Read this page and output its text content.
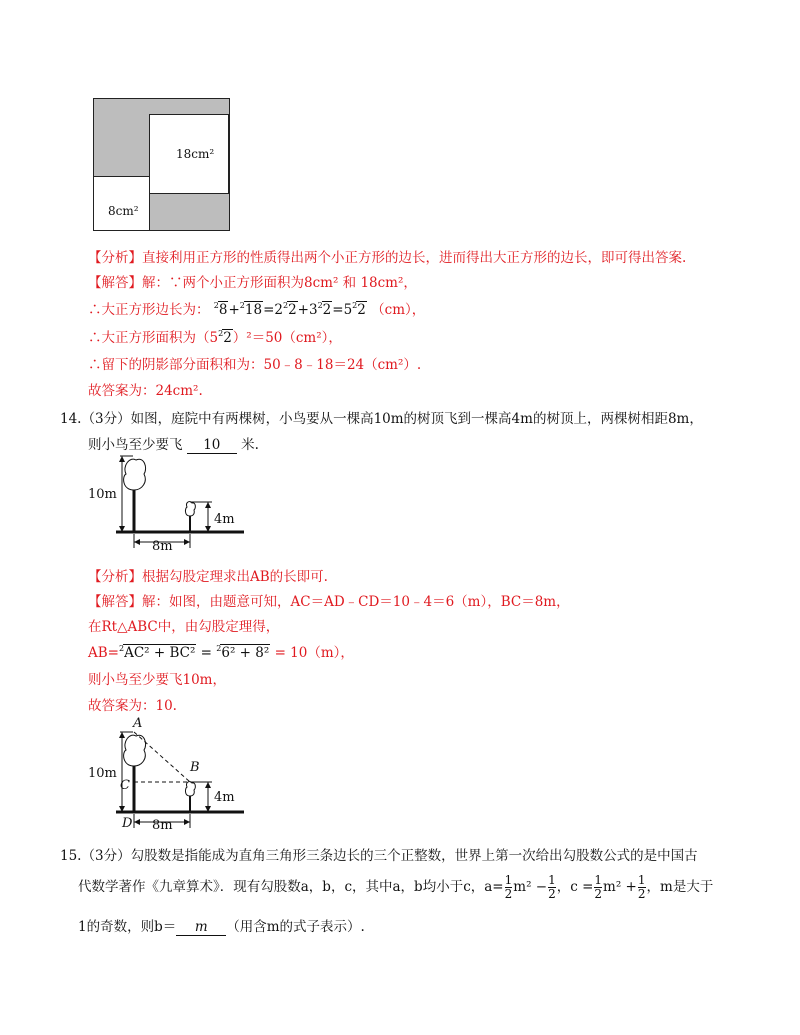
18cm²
8cm²
【分析】直接利用正方形的性质得出两个小正方形的边长，进而得出大正方形的边长，即可得出答案.
【解答】解：∵两个小正方形面积为8cm² 和 18cm²，
∴大正方形边长为： $^28+^218=2^22+3^22=5^22$ （cm），
∴大正方形面积为$(5^22)^2=50(cm^2)$，
∴留下的阴影部分面积和为：50﹣8﹣18＝24（cm²）.
故答案为：24cm².
14.（3分）如图，庭院中有两棵树，小鸟要从一棵高10m的树顶飞到一棵高4m的树顶上，两棵树相距8m，
则小鸟至少要飞 10 米.
10m
4m
8m
【分析】根据勾股定理求出AB的长即可.
【解答】解：如图，由题意可知，AC＝AD﹣CD＝10﹣4＝6（m），BC＝8m，
在Rt△ABC中，由勾股定理得，
AB=$^2$AC² + BC² = $^2$6² + 8² = 10（m），
则小鸟至少要飞10m，
故答案为：10.
A
B
C
D
10m
4m
8m
15.（3分）勾股数是指能成为直角三角形三条边长的三个正整数，世界上第一次给出勾股数公式的是中国古
代数学著作《九章算术》．现有勾股数a，b，c，其中a，b均小于c，$a= \frac{1}{2} m^2 - \frac{1}{2}$ ，$c = \frac{1}{2} m^2 + \frac{1}{2}$ ，m是大于
1的奇数，则b＝ m （用含m的式子表示）.
